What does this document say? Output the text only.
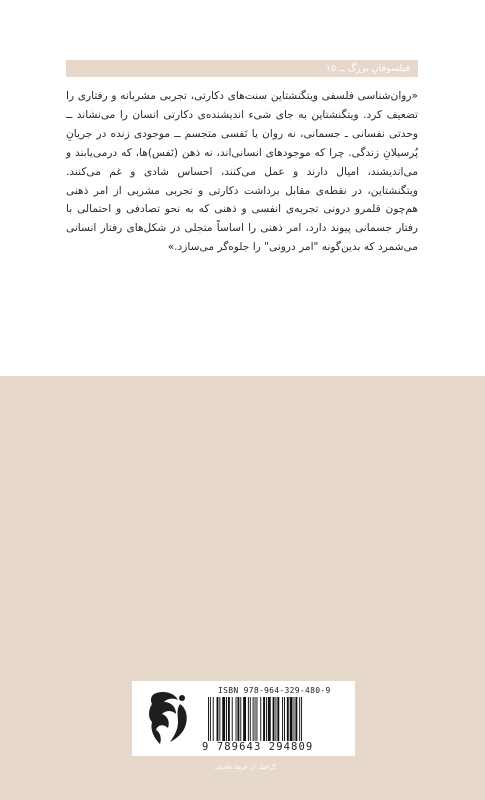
فیلسوفانِ بزرگ ــ ۱۵

«روان‌شناسی فلسفی ویتگنشتاین سنت‌های دکارتی، تجربی مشربانه و رفتاری را تضعیف کرد. ویتگنشتاین به جای شیء اندیشنده‌ی دکارتی انسان را می‌نشاند ــ وحدتی نفسانی ـ جسمانی، نه روان یا نَفسی متجسم ــ موجودی زنده در جریانِ پُرسیلانِ زندگی. چرا که موجودهای انسانی‌اند، نه ذهن (نَفس)‌ها، که درمی‌یابند و می‌اندیشند، امیال دارند و عمل می‌کنند، احساس شادی و غم می‌کنند. ویتگنشتاین، در نقطه‌ی مقابل برداشت دکارتی و تجربی مشربی از امر ذهنی هم‌چون قلمرو درونی تجربه‌ی انفسی و ذهنی که به نحو تصادفی و احتمالی با رفتار جسمانی پیوند دارد، امر ذهنی را اساساً متجلی در شکل‌های رفتار انسانی می‌شمرد که بدین‌گونه "امر درونی" را جلوه‌گر می‌سازد.»

ISBN 978-964-329-480-9
9 789643 294809
گرافیک از: فرهاد فامیلی
